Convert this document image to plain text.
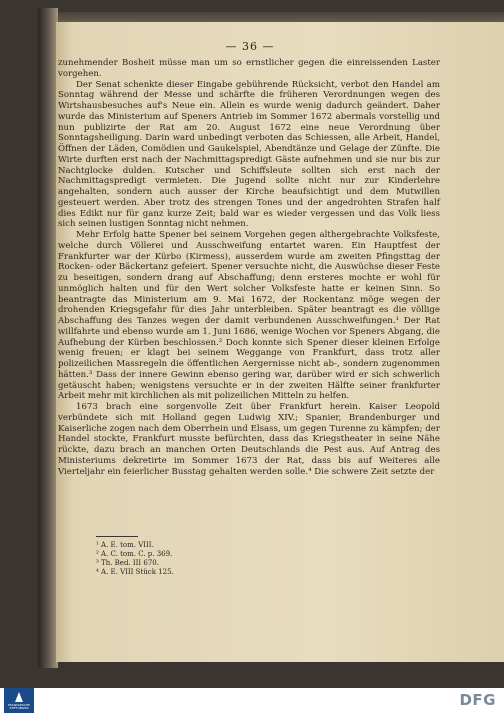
— 36 —

zunehmender Bosheit müsse man um so ernstlicher gegen die einreissenden Laster vorgehen.

Der Senat schenkte dieser Eingabe gebührende Rücksicht, verbot den Handel am Sonntag während der Messe und schärfte die früheren Verordnungen wegen des Wirtshausbesuches auf's Neue ein. Allein es wurde wenig dadurch geändert. Daher wurde das Ministerium auf Speners Antrieb im Sommer 1672 abermals vorstellig und nun publizirte der Rat am 20. August 1672 eine neue Verordnung über Sonntagsheiligung. Darin ward unbedingt verboten das Schiessen, alle Arbeit, Handel, Öffnen der Läden, Comödien und Gaukelspiel, Abendtänze und Gelage der Zünfte. Die Wirte durften erst nach der Nachmittagspredigt Gäste aufnehmen und sie nur bis zur Nachtglocke dulden. Kutscher und Schiffsleute sollten sich erst nach der Nachmittagspredigt vermieten. Die Jugend sollte nicht nur zur Kinderlehre angehalten, sondern auch ausser der Kirche beaufsichtigt und dem Mutwillen gesteuert werden. Aber trotz des strengen Tones und der angedrohten Strafen half dies Edikt nur für ganz kurze Zeit; bald war es wieder vergessen und das Volk liess sich seinen lustigen Sonntag nicht nehmen.

Mehr Erfolg hatte Spener bei seinem Vorgehen gegen althergebrachte Volksfeste, welche durch Völlerei und Ausschweifung entartet waren. Ein Hauptfest der Frankfurter war der Kürbo (Kirmess), ausserdem wurde am zweiten Pfingsttag der Rocken- oder Bäckertanz gefeiert. Spener versuchte nicht, die Auswüchse dieser Feste zu beseitigen, sondern drang auf Abschaffung; denn ersteres mochte er wohl für unmöglich halten und für den Wert solcher Volksfeste hatte er keinen Sinn. So beantragte das Ministerium am 9. Mai 1672, der Rockentanz möge wegen der drohenden Kriegsgefahr für dies Jahr unterbleiben. Später beantragt es die völlige Abschaffung des Tanzes wegen der damit verbundenen Ausschweifungen.¹ Der Rat willfahrte und ebenso wurde am 1. Juni 1686, wenige Wochen vor Speners Abgang, die Aufhebung der Kürben beschlossen.² Doch konnte sich Spener dieser kleinen Erfolge wenig freuen; er klagt bei seinem Weggange von Frankfurt, dass trotz aller polizeilichen Massregeln die öffentlichen Aergernisse nicht ab-, sondern zugenommen hätten.³ Dass der innere Gewinn ebenso gering war, darüber wird er sich schwerlich getäuscht haben; wenigstens versuchte er in der zweiten Hälfte seiner frankfurter Arbeit mehr mit kirchlichen als mit polizeilichen Mitteln zu helfen.

1673 brach eine sorgenvolle Zeit über Frankfurt herein. Kaiser Leopold verbündete sich mit Holland gegen Ludwig XIV.; Spanier, Brandenburger und Kaiserliche zogen nach dem Oberrhein und Elsass, um gegen Turenne zu kämpfen; der Handel stockte, Frankfurt musste befürchten, dass das Kriegstheater in seine Nähe rückte, dazu brach an manchen Orten Deutschlands die Pest aus. Auf Antrag des Ministeriums dekretirte im Sommer 1673 der Rat, dass bis auf Weiteres alle Vierteljahr ein feierlicher Busstag gehalten werden solle.⁴ Die schwere Zeit setzte der

¹ A. E. tom. VIII.
² A. C. tom. C. p. 369.
³ Th. Bed. III 670.
⁴ A. E. VIII Stück 125.
FRANCKESCHE STIFTUNGEN	DFG
